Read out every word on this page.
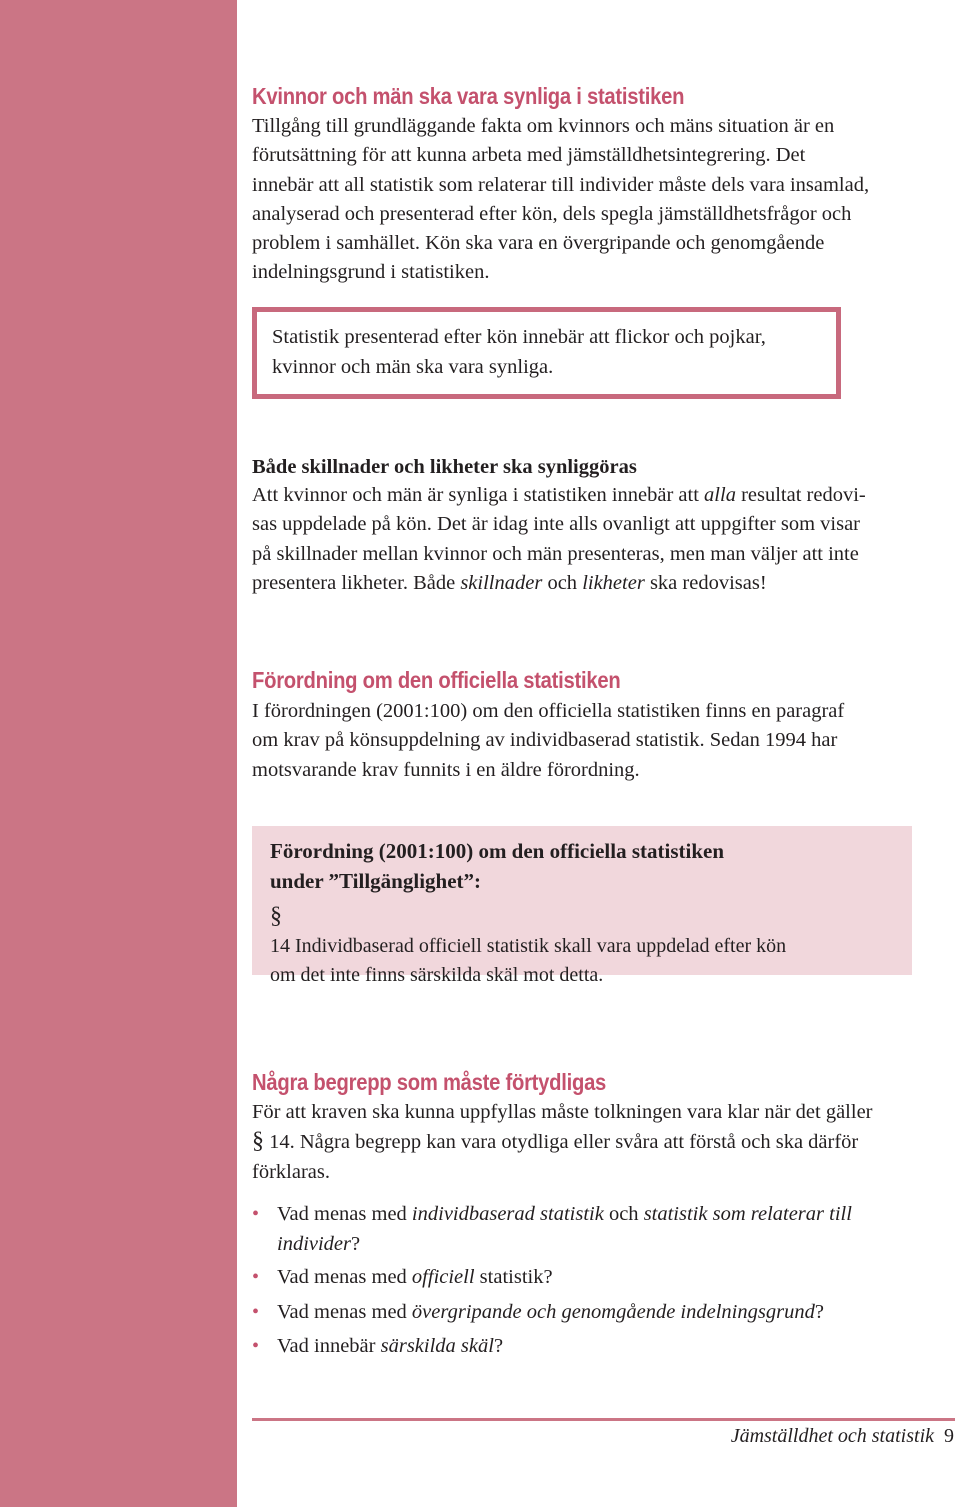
Kvinnor och män ska vara synliga i statistiken

Tillgång till grundläggande fakta om kvinnors och mäns situation är en
förutsättning för att kunna arbeta med jämställdhetsintegrering. Det
innebär att all statistik som relaterar till individer måste dels vara insamlad,
analyserad och presenterad efter kön, dels spegla jämställdhetsfrågor och
problem i samhället. Kön ska vara en övergripande och genomgående
indelningsgrund i statistiken.

Statistik presenterad efter kön innebär att flickor och pojkar,
kvinnor och män ska vara synliga.
Både skillnader och likheter ska synliggöras

Att kvinnor och män är synliga i statistiken innebär att alla resultat redovi-
sas uppdelade på kön. Det är idag inte alls ovanligt att uppgifter som visar
på skillnader mellan kvinnor och män presenteras, men man väljer att inte
presentera likheter. Både skillnader och likheter ska redovisas!

Förordning om den officiella statistiken

I förordningen (2001:100) om den officiella statistiken finns en paragraf
om krav på könsuppdelning av individbaserad statistik. Sedan 1994 har
motsvarande krav funnits i en äldre förordning.

Förordning (2001:100) om den officiella statistiken
under ”Tillgänglighet”:
§
14 Individbaserad officiell statistik skall vara uppdelad efter kön
om det inte finns särskilda skäl mot detta.
Några begrepp som måste förtydligas

För att kraven ska kunna uppfyllas måste tolkningen vara klar när det gäller
§ 14. Några begrepp kan vara otydliga eller svåra att förstå och ska därför
förklaras.

• Vad menas med individbaserad statistik och statistik som relaterar till
individer?
• Vad menas med officiell statistik?
• Vad menas med övergripande och genomgående indelningsgrund?
• Vad innebär särskilda skäl?
Jämställdhet och statistik 9
